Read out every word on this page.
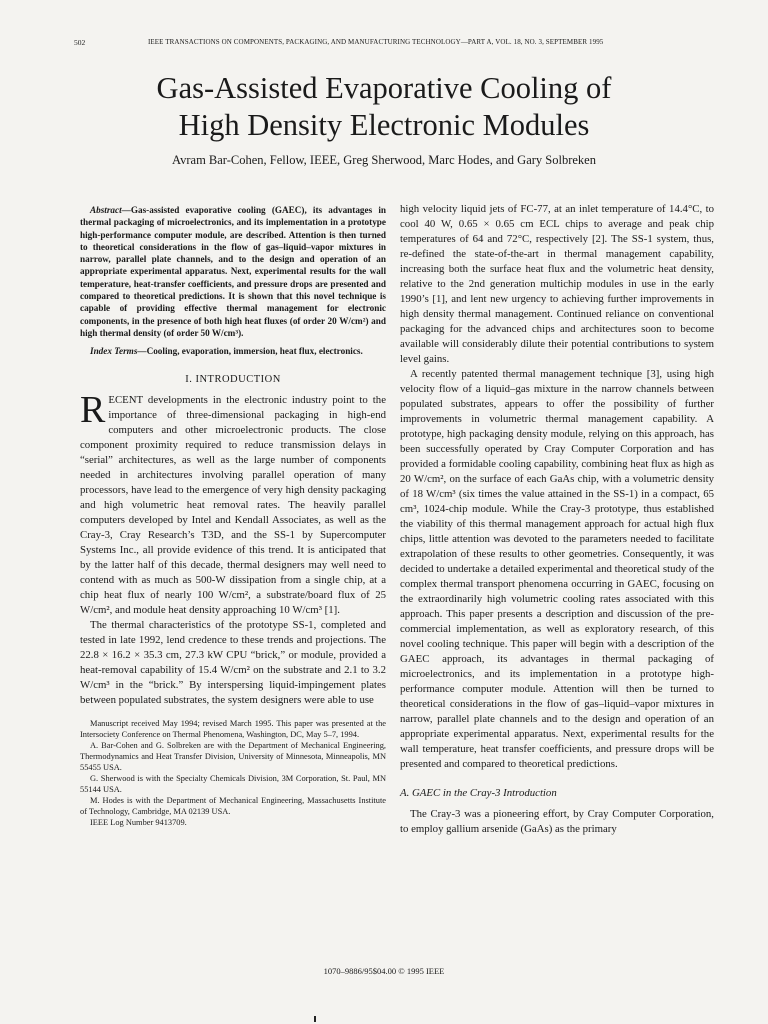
502	IEEE TRANSACTIONS ON COMPONENTS, PACKAGING, AND MANUFACTURING TECHNOLOGY—PART A, VOL. 18, NO. 3, SEPTEMBER 1995
Gas-Assisted Evaporative Cooling of
High Density Electronic Modules
Avram Bar-Cohen, Fellow, IEEE, Greg Sherwood, Marc Hodes, and Gary Solbreken

Abstract—Gas-assisted evaporative cooling (GAEC), its advantages in thermal packaging of microelectronics, and its implementation in a prototype high-performance computer module, are described. Attention is then turned to theoretical considerations in the flow of gas–liquid–vapor mixtures in narrow, parallel plate channels, and to the design and operation of an appropriate experimental apparatus. Next, experimental results for the wall temperature, heat-transfer coefficients, and pressure drops are presented and compared to theoretical predictions. It is shown that this novel technique is capable of providing effective thermal management for electronic components, in the presence of both high heat fluxes (of order 20 W/cm²) and high thermal density (of order 50 W/cm³).

Index Terms—Cooling, evaporation, immersion, heat flux, electronics.

I. INTRODUCTION

RECENT developments in the electronic industry point to the importance of three-dimensional packaging in high-end computers and other microelectronic products. The close component proximity required to reduce transmission delays in “serial” architectures, as well as the large number of components needed in architectures involving parallel operation of many processors, have lead to the emergence of very high density packaging and high volumetric heat removal rates. The heavily parallel computers developed by Intel and Kendall Associates, as well as the Cray-3, Cray Research’s T3D, and the SS-1 by Supercomputer Systems Inc., all provide evidence of this trend. It is anticipated that by the latter half of this decade, thermal designers may well need to contend with as much as 500-W dissipation from a single chip, at a chip heat flux of nearly 100 W/cm², a substrate/board flux of 25 W/cm², and module heat density approaching 10 W/cm³ [1].

The thermal characteristics of the prototype SS-1, completed and tested in late 1992, lend credence to these trends and projections. The 22.8 × 16.2 × 35.3 cm, 27.3 kW CPU “brick,” or module, provided a heat-removal capability of 15.4 W/cm² on the substrate and 2.1 to 3.2 W/cm³ in the “brick.” By interspersing liquid-impingement plates between populated substrates, the system designers were able to use

Manuscript received May 1994; revised March 1995. This paper was presented at the Intersociety Conference on Thermal Phenomena, Washington, DC, May 5–7, 1994.

A. Bar-Cohen and G. Solbreken are with the Department of Mechanical Engineering, Thermodynamics and Heat Transfer Division, University of Minnesota, Minneapolis, MN 55455 USA.

G. Sherwood is with the Specialty Chemicals Division, 3M Corporation, St. Paul, MN 55144 USA.

M. Hodes is with the Department of Mechanical Engineering, Massachusetts Institute of Technology, Cambridge, MA 02139 USA.

IEEE Log Number 9413709.

high velocity liquid jets of FC-77, at an inlet temperature of 14.4°C, to cool 40 W, 0.65 × 0.65 cm ECL chips to average and peak chip temperatures of 64 and 72°C, respectively [2]. The SS-1 system, thus, re-defined the state-of-the-art in thermal management capability, increasing both the surface heat flux and the volumetric heat density, relative to the 2nd generation multichip modules in use in the early 1990’s [1], and lent new urgency to achieving further improvements in high density thermal management. Continued reliance on conventional packaging for the advanced chips and architectures soon to become available will considerably dilute their potential contributions to system level gains.

A recently patented thermal management technique [3], using high velocity flow of a liquid–gas mixture in the narrow channels between populated substrates, appears to offer the possibility of further improvements in volumetric thermal management capability. A prototype, high packaging density module, relying on this approach, has been successfully operated by Cray Computer Corporation and has provided a formidable cooling capability, combining heat flux as high as 20 W/cm², on the surface of each GaAs chip, with a volumetric density of 18 W/cm³ (six times the value attained in the SS-1) in a compact, 65 cm³, 1024-chip module. While the Cray-3 prototype, thus established the viability of this thermal management approach for actual high flux chips, little attention was devoted to the parameters needed to facilitate extrapolation of these results to other geometries. Consequently, it was decided to undertake a detailed experimental and theoretical study of the complex thermal transport phenomena occurring in GAEC, focusing on the extraordinarily high volumetric cooling rates associated with this approach. This paper presents a description and discussion of the pre-commercial implementation, as well as exploratory research, of this novel cooling technique. This paper will begin with a description of the GAEC approach, its advantages in thermal packaging of microelectronics, and its implementation in a prototype high-performance computer module. Attention will then be turned to theoretical considerations in the flow of gas–liquid–vapor mixtures in narrow, parallel plate channels and to the design and operation of an appropriate experimental apparatus. Next, experimental results for the wall temperature, heat transfer coefficients, and pressure drops will be presented and compared to theoretical predictions.

A. GAEC in the Cray-3 Introduction

The Cray-3 was a pioneering effort, by Cray Computer Corporation, to employ gallium arsenide (GaAs) as the primary

1070–9886/95$04.00 © 1995 IEEE
